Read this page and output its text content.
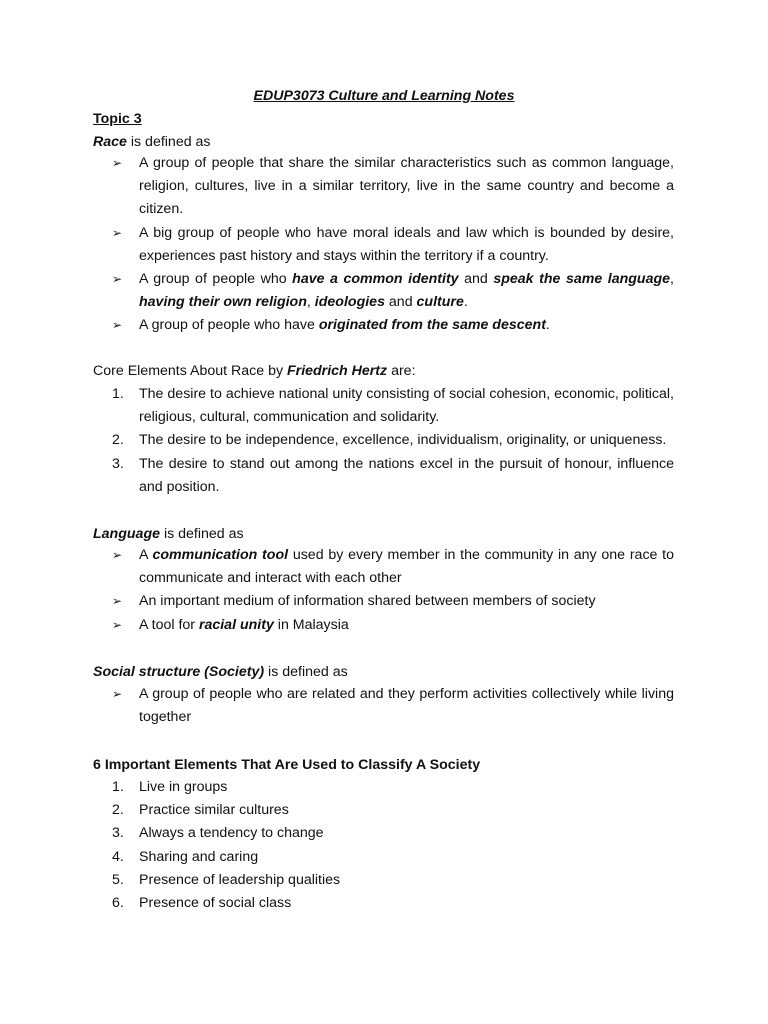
EDUP3073 Culture and Learning Notes
Topic 3
Race is defined as
➢	A group of people that share the similar characteristics such as common language, religion, cultures, live in a similar territory, live in the same country and become a citizen.
➢	A big group of people who have moral ideals and law which is bounded by desire, experiences past history and stays within the territory if a country.
➢	A group of people who have a common identity and speak the same language, having their own religion, ideologies and culture.
➢	A group of people who have originated from the same descent.
Core Elements About Race by Friedrich Hertz are:
1.	The desire to achieve national unity consisting of social cohesion, economic, political, religious, cultural, communication and solidarity.
2.	The desire to be independence, excellence, individualism, originality, or uniqueness.
3.	The desire to stand out among the nations excel in the pursuit of honour, influence and position.
Language is defined as
➢	A communication tool used by every member in the community in any one race to communicate and interact with each other
➢	An important medium of information shared between members of society
➢	A tool for racial unity in Malaysia
Social structure (Society) is defined as
➢	A group of people who are related and they perform activities collectively while living together
6 Important Elements That Are Used to Classify A Society
1.	Live in groups
2.	Practice similar cultures
3.	Always a tendency to change
4.	Sharing and caring
5.	Presence of leadership qualities
6.	Presence of social class
